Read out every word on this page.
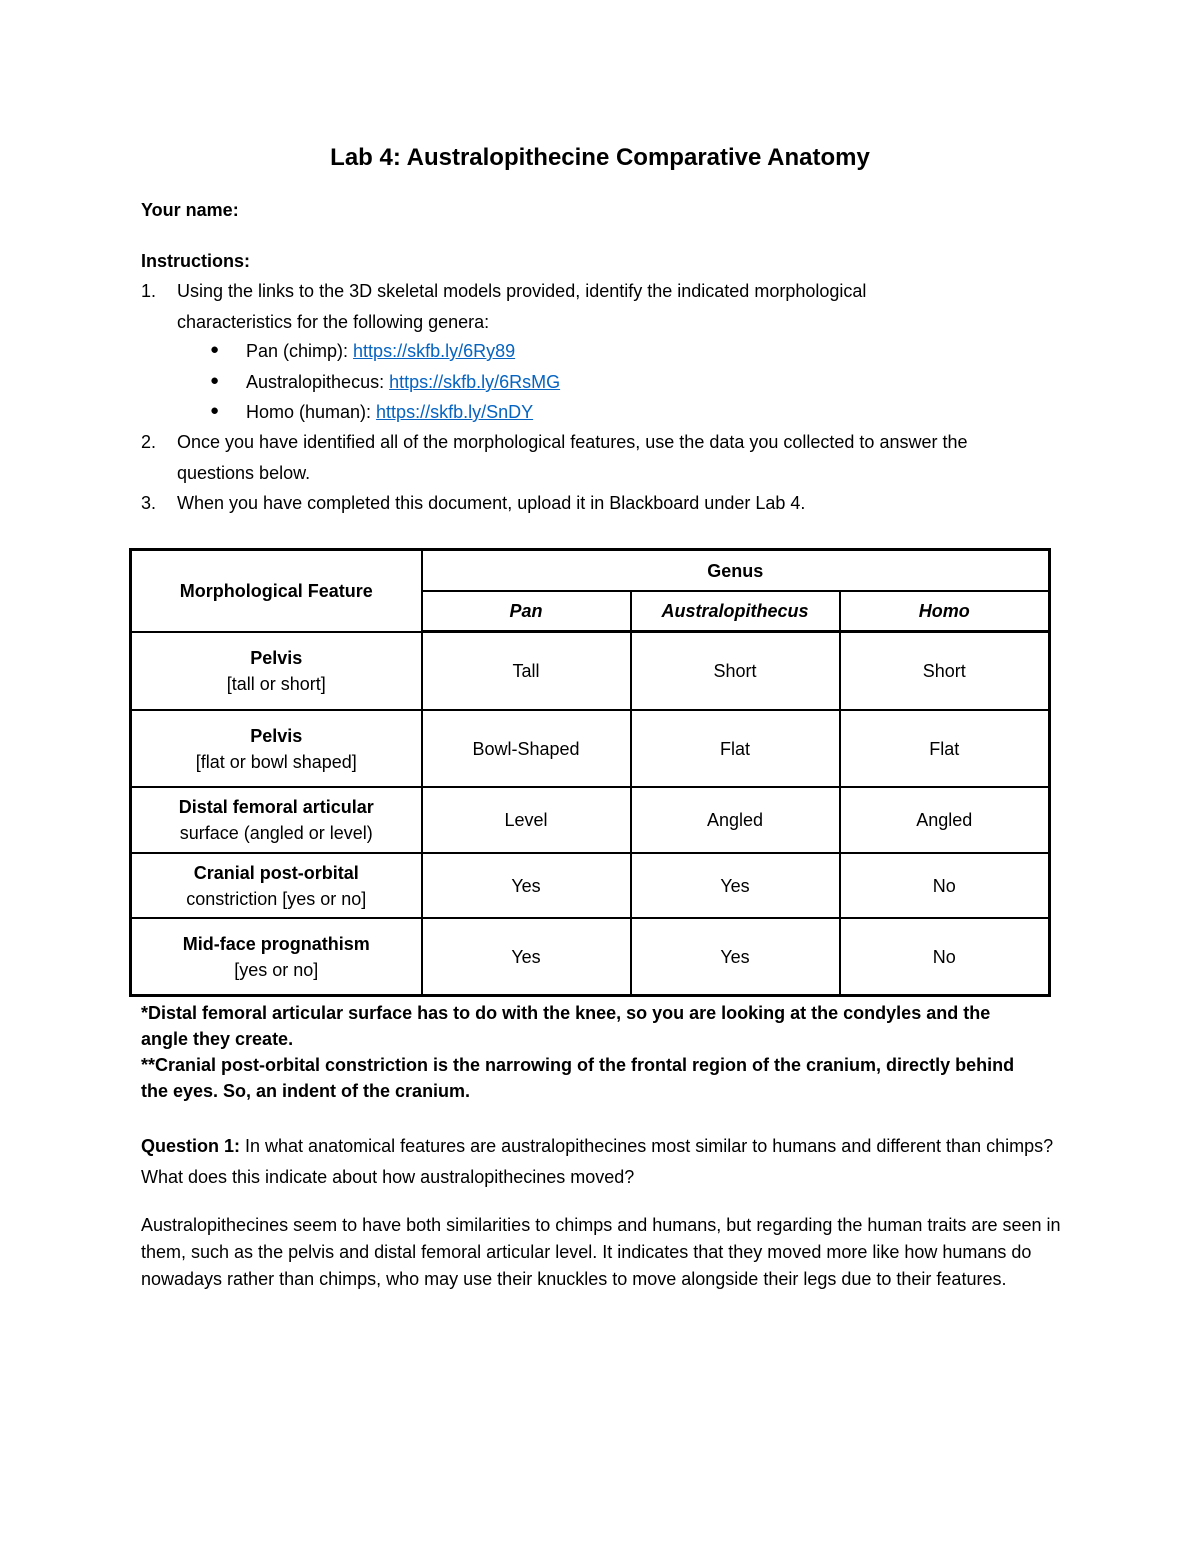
Lab 4: Australopithecine Comparative Anatomy
Your name:
Instructions:
1. Using the links to the 3D skeletal models provided, identify the indicated morphological
characteristics for the following genera:
● Pan (chimp): https://skfb.ly/6Ry89
● Australopithecus: https://skfb.ly/6RsMG
● Homo (human): https://skfb.ly/SnDY
2. Once you have identified all of the morphological features, use the data you collected to answer the
questions below.
3. When you have completed this document, upload it in Blackboard under Lab 4.
Morphological Feature	Genus		
	Pan	Australopithecus	Homo
Pelvis
[tall or short]	Tall	Short	Short
Pelvis
[flat or bowl shaped]	Bowl-Shaped	Flat	Flat
Distal femoral articular
surface (angled or level)	Level	Angled	Angled
Cranial post-orbital
constriction [yes or no]	Yes	Yes	No
Mid-face prognathism
[yes or no]	Yes	Yes	No
*Distal femoral articular surface has to do with the knee, so you are looking at the condyles and the angle they create.
**Cranial post-orbital constriction is the narrowing of the frontal region of the cranium, directly behind the eyes. So, an indent of the cranium.
Question 1: In what anatomical features are australopithecines most similar to humans and different than chimps? What does this indicate about how australopithecines moved?
Australopithecines seem to have both similarities to chimps and humans, but regarding the human traits are seen in them, such as the pelvis and distal femoral articular level. It indicates that they moved more like how humans do nowadays rather than chimps, who may use their knuckles to move alongside their legs due to their features.
